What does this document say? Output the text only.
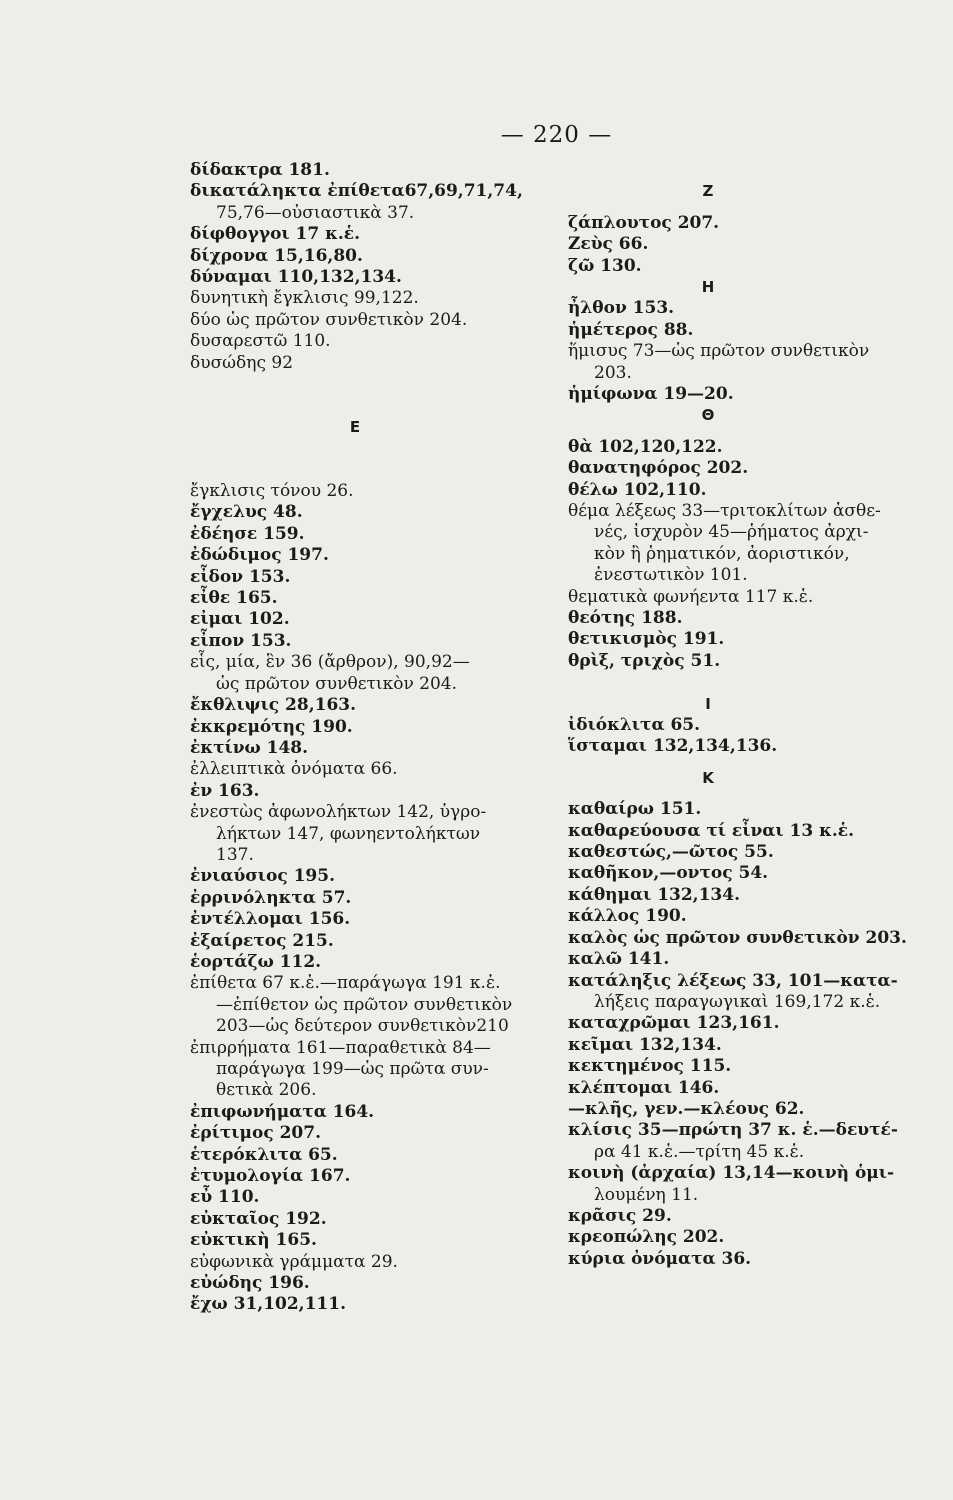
— 220 —
δίδακτρα 181.
δικατάληκτα ἐπίθετα67,69,71,74,
75,76—οὐσιαστικὰ 37.
δίφθογγοι 17 κ.ἑ.
δίχρονα 15,16,80.
δύναμαι 110,132,134.
δυνητικὴ ἔγκλισις 99,122.
δύο ὡς πρῶτον συνθετικὸν 204.
δυσαρεστῶ 110.
δυσώδης 92
Ε
ἔγκλισις τόνου 26.
ἔγχελυς 48.
ἐδέησε 159.
ἐδώδιμος 197.
εἶδον 153.
εἶθε 165.
εἰμαι 102.
εἶπον 153.
εἷς, μία, ἓν 36 (ἄρθρον), 90,92—
ὡς πρῶτον συνθετικὸν 204.
ἔκθλιψις 28,163.
ἐκκρεμότης 190.
ἐκτίνω 148.
ἐλλειπτικὰ ὀνόματα 66.
ἐν 163.
ἐνεστὼς ἀφωνολήκτων 142, ὑγρο-
λήκτων 147, φωνηεντολήκτων
137.
ἐνιαύσιος 195.
ἐρρινόληκτα 57.
ἐντέλλομαι 156.
ἐξαίρετος 215.
ἑορτάζω 112.
ἐπίθετα 67 κ.ἑ.—παράγωγα 191 κ.ἑ.
—ἐπίθετον ὡς πρῶτον συνθετικὸν
203—ὡς δεύτερον συνθετικὸν210
ἐπιρρήματα 161—παραθετικὰ 84—
παράγωγα 199—ὡς πρῶτα συν-
θετικὰ 206.
ἐπιφωνήματα 164.
ἐρίτιμος 207.
ἑτερόκλιτα 65.
ἐτυμολογία 167.
εὖ 110.
εὐκταῖος 192.
εὐκτικὴ 165.
εὐφωνικὰ γράμματα 29.
εὐώδης 196.
ἔχω 31,102,111.
Ζ
ζάπλουτος 207.
Ζεὺς 66.
ζῶ 130.
Η
ἦλθον 153.
ἡμέτερος 88.
ἥμισυς 73—ὡς πρῶτον συνθετικὸν
203.
ἡμίφωνα 19—20.
Θ
θὰ 102,120,122.
θανατηφόρος 202.
θέλω 102,110.
θέμα λέξεως 33—τριτοκλίτων ἀσθε-
νές, ἰσχυρὸν 45—ῥήματος ἀρχι-
κὸν ἢ ῥηματικόν, ἀοριστικόν,
ἐνεστωτικὸν 101.
θεματικὰ φωνήεντα 117 κ.ἑ.
θεότης 188.
θετικισμὸς 191.
θρὶξ, τριχὸς 51.
Ι
ἰδιόκλιτα 65.
ἵσταμαι 132,134,136.
Κ
καθαίρω 151.
καθαρεύουσα τί εἶναι 13 κ.ἑ.
καθεστώς,—ῶτος 55.
καθῆκον,—οντος 54.
κάθημαι 132,134.
κάλλος 190.
καλὸς ὡς πρῶτον συνθετικὸν 203.
καλῶ 141.
κατάληξις λέξεως 33, 101—κατα-
λήξεις παραγωγικαὶ 169,172 κ.ἑ.
καταχρῶμαι 123,161.
κεῖμαι 132,134.
κεκτημένος 115.
κλέπτομαι 146.
—κλῆς, γεν.—κλέους 62.
κλίσις 35—πρώτη 37 κ. ἑ.—δευτέ-
ρα 41 κ.ἑ.—τρίτη 45 κ.ἑ.
κοινὴ (ἀρχαία) 13,14—κοινὴ ὁμι-
λουμένη 11.
κρᾶσις 29.
κρεοπώλης 202.
κύρια ὀνόματα 36.
